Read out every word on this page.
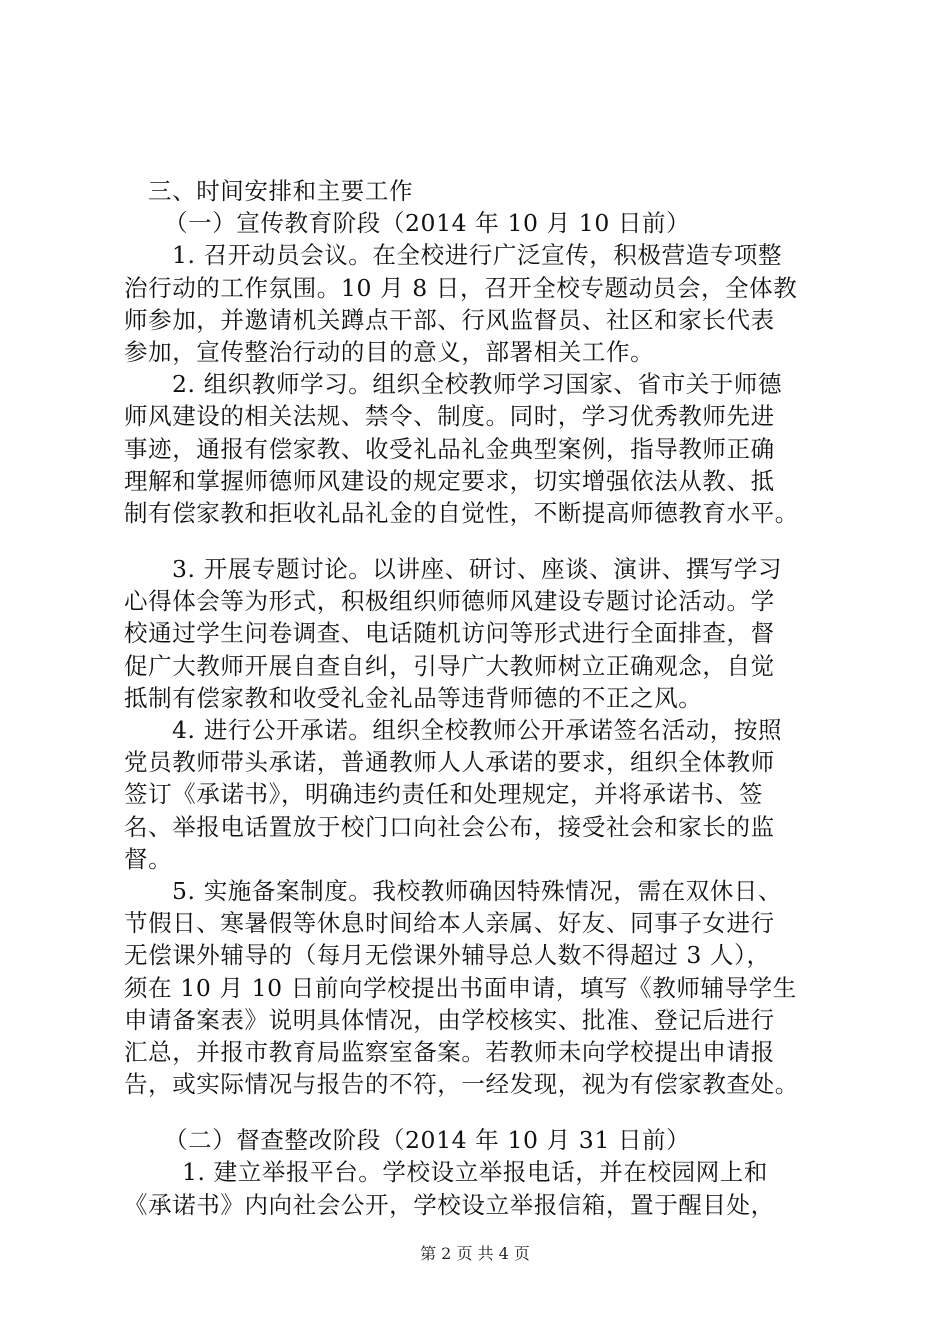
三、时间安排和主要工作
（一）宣传教育阶段（2014 年 10 月 10 日前）
1. 召开动员会议。在全校进行广泛宣传，积极营造专项整
治行动的工作氛围。10 月 8 日，召开全校专题动员会，全体教
师参加，并邀请机关蹲点干部、行风监督员、社区和家长代表
参加，宣传整治行动的目的意义，部署相关工作。
2. 组织教师学习。组织全校教师学习国家、省市关于师德
师风建设的相关法规、禁令、制度。同时，学习优秀教师先进
事迹，通报有偿家教、收受礼品礼金典型案例，指导教师正确
理解和掌握师德师风建设的规定要求，切实增强依法从教、抵
制有偿家教和拒收礼品礼金的自觉性，不断提高师德教育水平。
3. 开展专题讨论。以讲座、研讨、座谈、演讲、撰写学习
心得体会等为形式，积极组织师德师风建设专题讨论活动。学
校通过学生问卷调查、电话随机访问等形式进行全面排查，督
促广大教师开展自查自纠，引导广大教师树立正确观念，自觉
抵制有偿家教和收受礼金礼品等违背师德的不正之风。
4. 进行公开承诺。组织全校教师公开承诺签名活动，按照
党员教师带头承诺，普通教师人人承诺的要求，组织全体教师
签订《承诺书》，明确违约责任和处理规定，并将承诺书、签
名、举报电话置放于校门口向社会公布，接受社会和家长的监
督。
5. 实施备案制度。我校教师确因特殊情况，需在双休日、
节假日、寒暑假等休息时间给本人亲属、好友、同事子女进行
无偿课外辅导的（每月无偿课外辅导总人数不得超过 3 人），
须在 10 月 10 日前向学校提出书面申请，填写《教师辅导学生
申请备案表》说明具体情况，由学校核实、批准、登记后进行
汇总，并报市教育局监察室备案。若教师未向学校提出申请报
告，或实际情况与报告的不符，一经发现，视为有偿家教查处。
（二）督查整改阶段（2014 年 10 月 31 日前）
1. 建立举报平台。学校设立举报电话，并在校园网上和
《承诺书》内向社会公开，学校设立举报信箱，置于醒目处，
第 2 页 共 4 页
